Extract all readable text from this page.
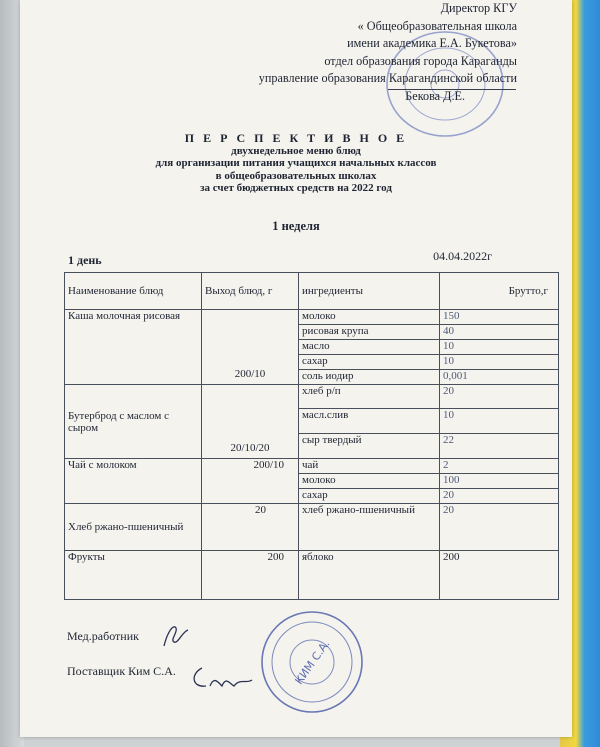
Директор КГУ
« Общеобразовательная школа
имени академика Е.А. Букетова»
отдел образования города Караганды
управление образования Карагандинской области
Бекова Д.Е.
П Е Р С П Е К Т И В Н О Е
двухнедельное меню блюд
для организации питания учащихся начальных классов
в общеобразовательных школах
за счет бюджетных средств на 2022 год
1 неделя
1 день	04.04.2022г
Наименование блюд	Выход блюд, г	ингредиенты	Брутто,г
Каша молочная рисовая	200/10	молоко	150
		рисовая крупа	40
		масло	10
		сахар	10
		соль иодир	0,001
Бутерброд с маслом с сыром	20/10/20	хлеб р/п	20
		масл.слив	10
		сыр твердый	22
Чай с молоком	200/10	чай	2
		молоко	100
		сахар	20
Хлеб ржано-пшеничный	20	хлеб ржано-пшеничный	20
Фрукты	200	яблоко	200
Мед.работник
Поставщик Ким С.А.	КИМ С.А.
